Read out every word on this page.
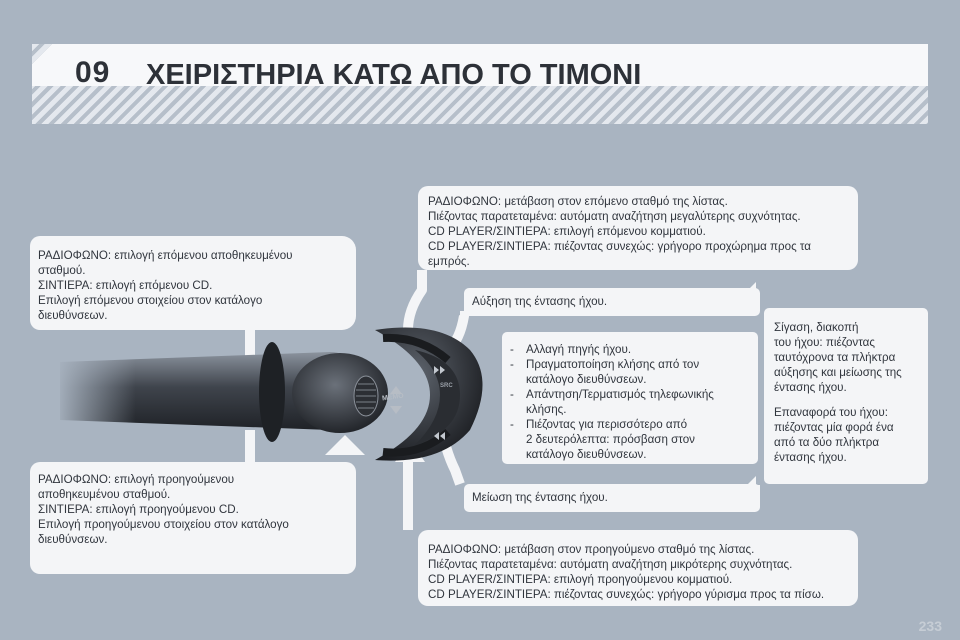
09 ΧΕΙΡΙΣΤΗΡΙΑ ΚΑΤΩ ΑΠΟ ΤΟ ΤΙΜΟΝΙ
MEMO
SRC
ΡΑΔΙΟΦΩΝΟ: επιλογή επόμενου αποθηκευμένου
σταθμού.
ΣΙΝΤΙΕΡΑ: επιλογή επόμενου CD.
Επιλογή επόμενου στοιχείου στον κατάλογο
διευθύνσεων.
ΡΑΔΙΟΦΩΝΟ: επιλογή προηγούμενου
αποθηκευμένου σταθμού.
ΣΙΝΤΙΕΡΑ: επιλογή προηγούμενου CD.
Επιλογή προηγούμενου στοιχείου στον κατάλογο
διευθύνσεων.
ΡΑΔΙΟΦΩΝΟ: μετάβαση στον επόμενο σταθμό της λίστας.
Πιέζοντας παρατεταμένα: αυτόματη αναζήτηση μεγαλύτερης συχνότητας.
CD PLAYER/ΣΙΝΤΙΕΡΑ: επιλογή επόμενου κομματιού.
CD PLAYER/ΣΙΝΤΙΕΡΑ: πιέζοντας συνεχώς: γρήγορο προχώρημα προς τα
εμπρός.
ΡΑΔΙΟΦΩΝΟ: μετάβαση στον προηγούμενο σταθμό της λίστας.
Πιέζοντας παρατεταμένα: αυτόματη αναζήτηση μικρότερης συχνότητας.
CD PLAYER/ΣΙΝΤΙΕΡΑ: επιλογή προηγούμενου κομματιού.
CD PLAYER/ΣΙΝΤΙΕΡΑ: πιέζοντας συνεχώς: γρήγορο γύρισμα προς τα πίσω.
Αύξηση της έντασης ήχου.
Μείωση της έντασης ήχου.
-	Αλλαγή πηγής ήχου.
-	Πραγματοποίηση κλήσης από τον
κατάλογο διευθύνσεων.
-	Απάντηση/Τερματισμός τηλεφωνικής
κλήσης.
-	Πιέζοντας για περισσότερο από
2 δευτερόλεπτα: πρόσβαση στον
κατάλογο διευθύνσεων.
Σίγαση, διακοπή
του ήχου: πιέζοντας
ταυτόχρονα τα πλήκτρα
αύξησης και μείωσης της
έντασης ήχου.
Επαναφορά του ήχου:
πιέζοντας μία φορά ένα
από τα δύο πλήκτρα
έντασης ήχου.
233
